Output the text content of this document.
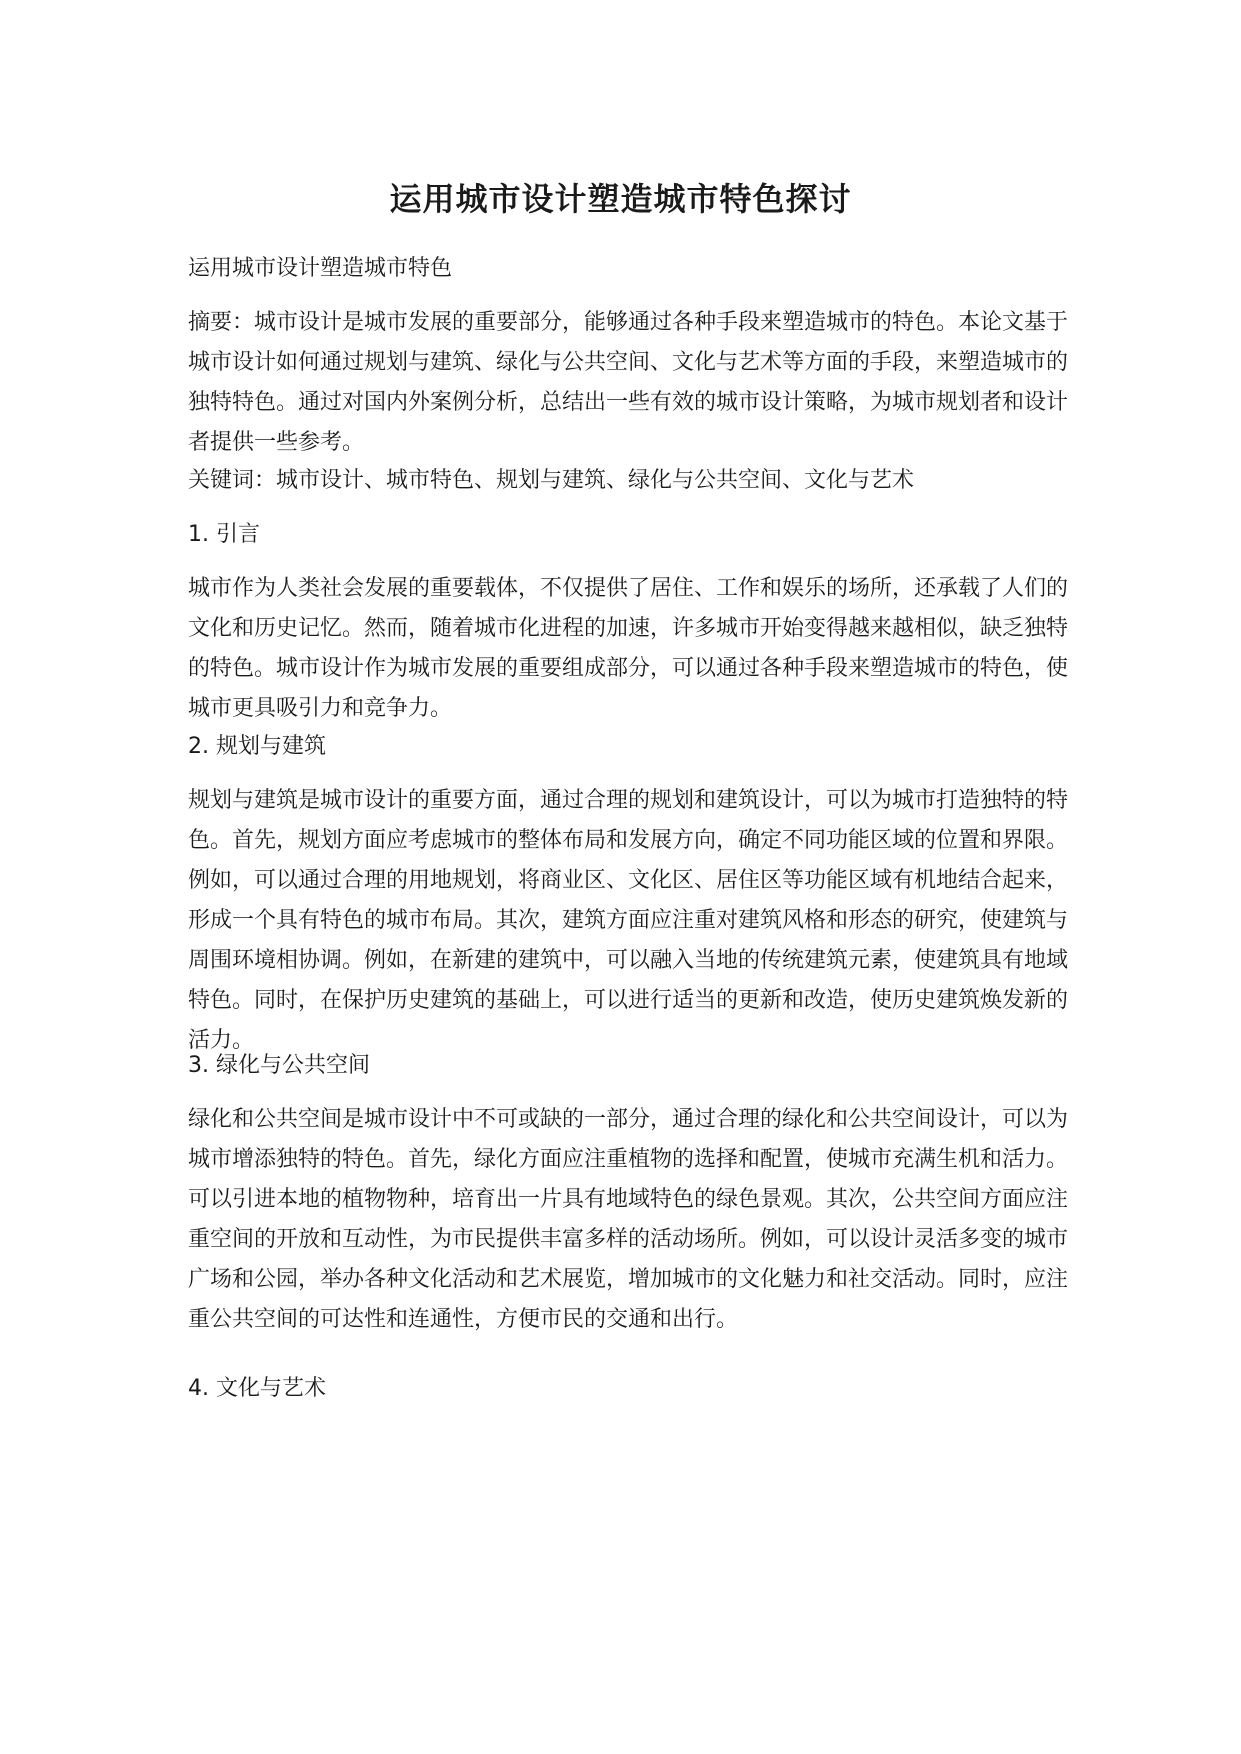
运用城市设计塑造城市特色探讨

运用城市设计塑造城市特色

摘要：城市设计是城市发展的重要部分，能够通过各种手段来塑造城市的特色。本论文基于城市设计如何通过规划与建筑、绿化与公共空间、文化与艺术等方面的手段，来塑造城市的独特特色。通过对国内外案例分析，总结出一些有效的城市设计策略，为城市规划者和设计者提供一些参考。

关键词：城市设计、城市特色、规划与建筑、绿化与公共空间、文化与艺术

1. 引言

城市作为人类社会发展的重要载体，不仅提供了居住、工作和娱乐的场所，还承载了人们的文化和历史记忆。然而，随着城市化进程的加速，许多城市开始变得越来越相似，缺乏独特的特色。城市设计作为城市发展的重要组成部分，可以通过各种手段来塑造城市的特色，使城市更具吸引力和竞争力。

2. 规划与建筑

规划与建筑是城市设计的重要方面，通过合理的规划和建筑设计，可以为城市打造独特的特色。首先，规划方面应考虑城市的整体布局和发展方向，确定不同功能区域的位置和界限。例如，可以通过合理的用地规划，将商业区、文化区、居住区等功能区域有机地结合起来，形成一个具有特色的城市布局。其次，建筑方面应注重对建筑风格和形态的研究，使建筑与周围环境相协调。例如，在新建的建筑中，可以融入当地的传统建筑元素，使建筑具有地域特色。同时，在保护历史建筑的基础上，可以进行适当的更新和改造，使历史建筑焕发新的活力。

3. 绿化与公共空间

绿化和公共空间是城市设计中不可或缺的一部分，通过合理的绿化和公共空间设计，可以为城市增添独特的特色。首先，绿化方面应注重植物的选择和配置，使城市充满生机和活力。可以引进本地的植物物种，培育出一片具有地域特色的绿色景观。其次，公共空间方面应注重空间的开放和互动性，为市民提供丰富多样的活动场所。例如，可以设计灵活多变的城市广场和公园，举办各种文化活动和艺术展览，增加城市的文化魅力和社交活动。同时，应注重公共空间的可达性和连通性，方便市民的交通和出行。

4. 文化与艺术
